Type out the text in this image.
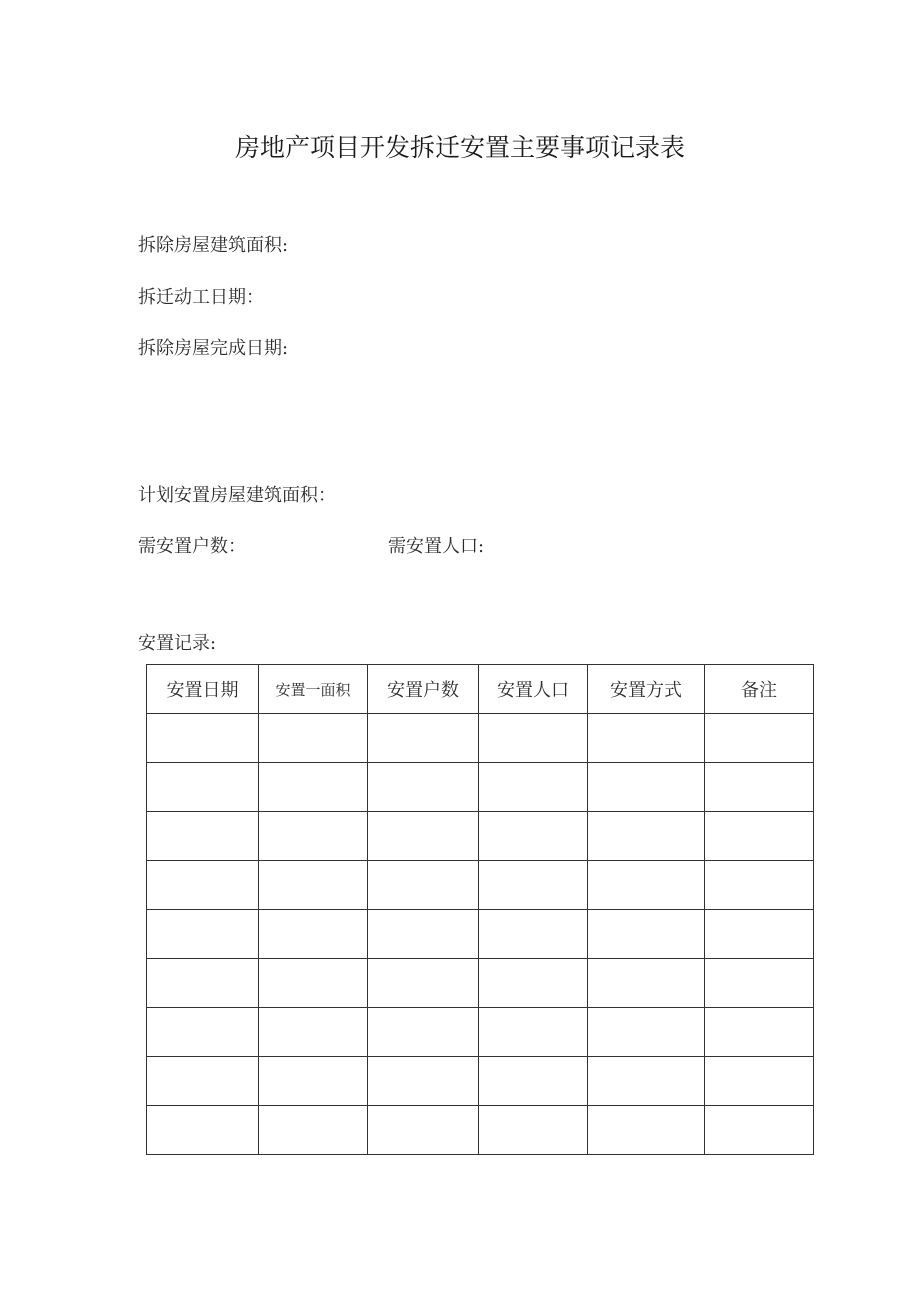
房地产项目开发拆迁安置主要事项记录表
拆除房屋建筑面积:
拆迁动工日期：
拆除房屋完成日期:
计划安置房屋建筑面积：
需安置户数：	需安置人口:
安置记录:
安置日期	安置一面积	安置户数	安置人口	安置方式	备注
